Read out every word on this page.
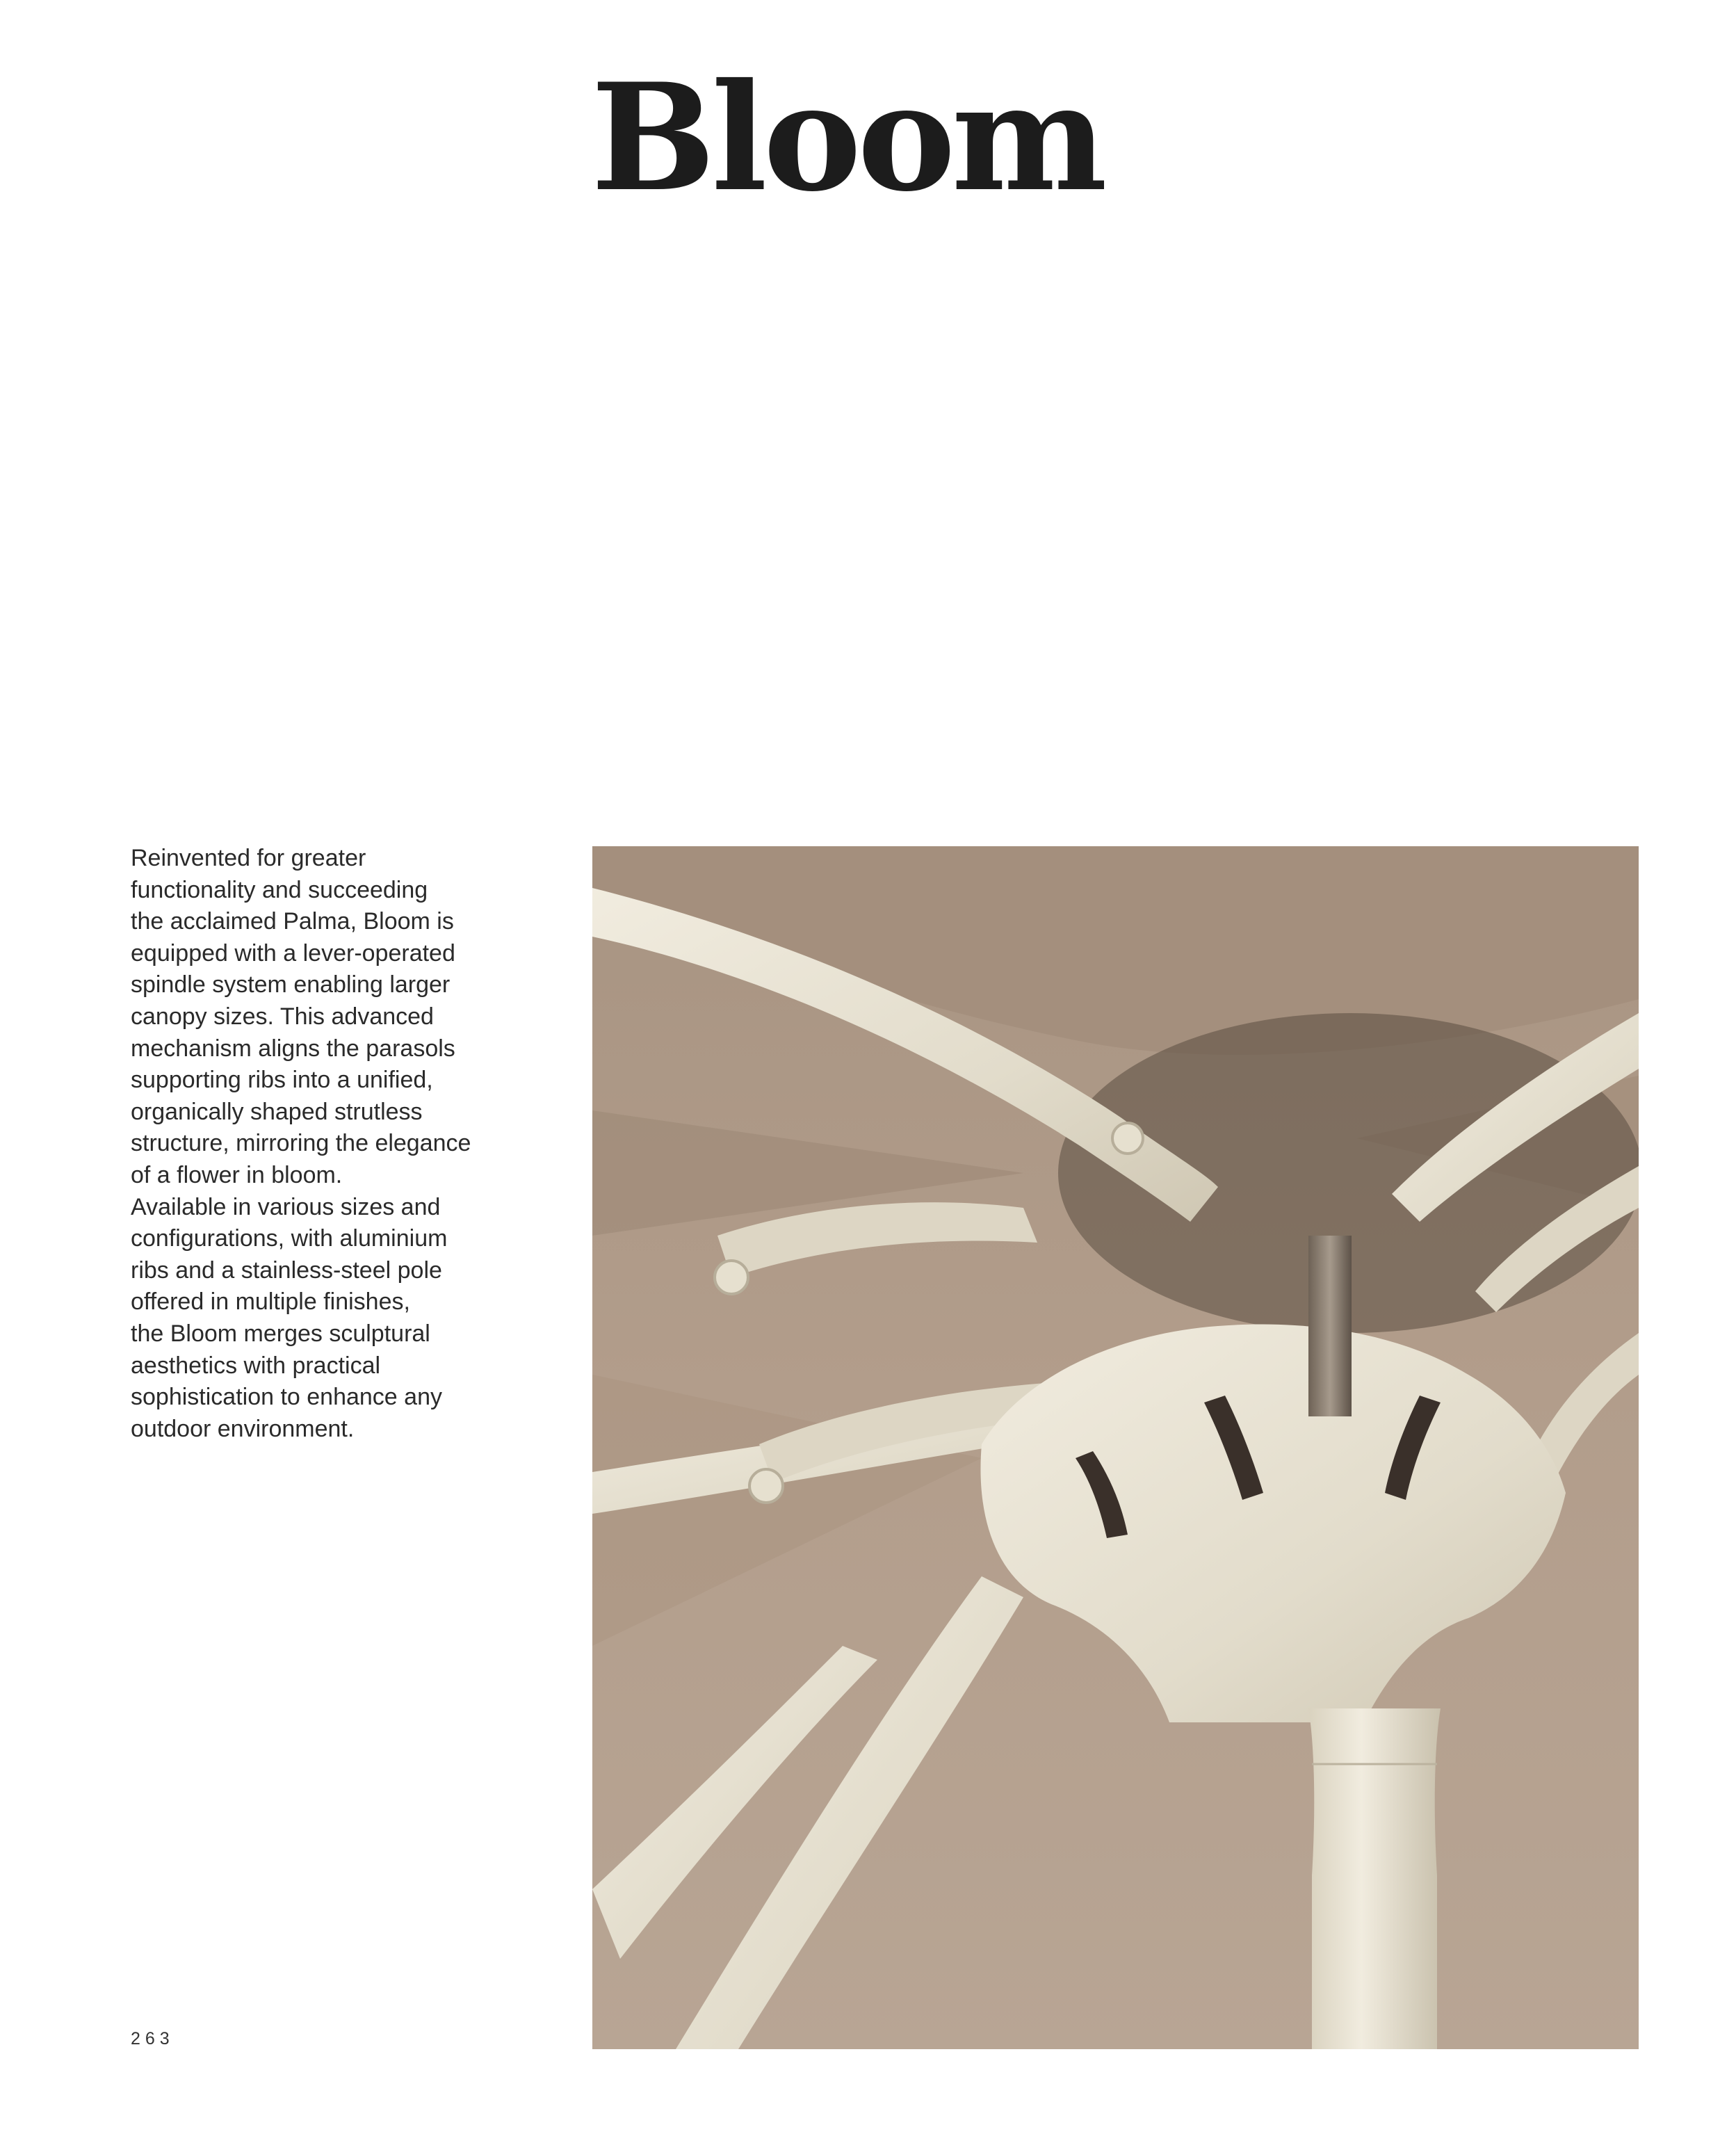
Bloom

Reinvented for greater
functionality and succeeding
the acclaimed Palma, Bloom is
equipped with a lever-operated
spindle system enabling larger
canopy sizes. This advanced
mechanism aligns the parasols
supporting ribs into a unified,
organically shaped strutless
structure, mirroring the elegance
of a flower in bloom.
Available in various sizes and
configurations, with aluminium
ribs and a stainless-steel pole
offered in multiple finishes,
the Bloom merges sculptural
aesthetics with practical
sophistication to enhance any
outdoor environment.

263
